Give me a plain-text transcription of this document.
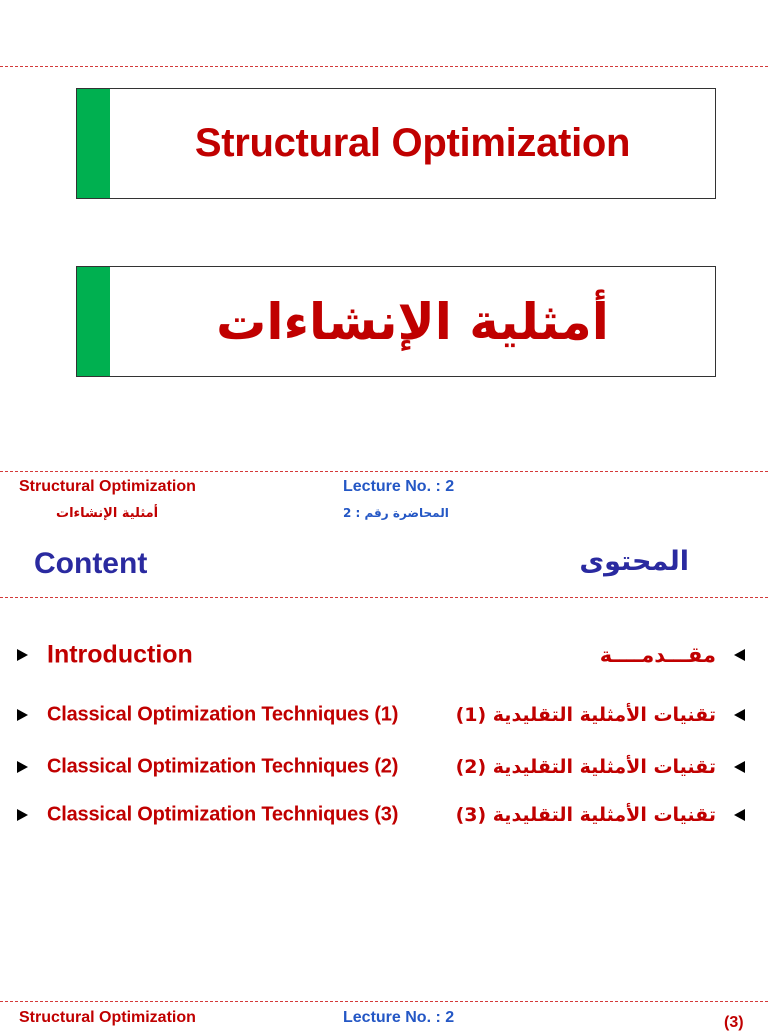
Structural Optimization
أمثلية الإنشاءات
Structural Optimization
أمثلية الإنشاءات
Lecture No. : 2
المحاضرة رقم : 2
Content	المحتوى
Introduction	مقـــدمــــة
Classical Optimization Techniques (1)	تقنيات الأمثلية التقليدية (1)
Classical Optimization Techniques (2)	تقنيات الأمثلية التقليدية (2)
Classical Optimization Techniques (3)	تقنيات الأمثلية التقليدية (3)
Structural Optimization	Lecture No. : 2	(3)
